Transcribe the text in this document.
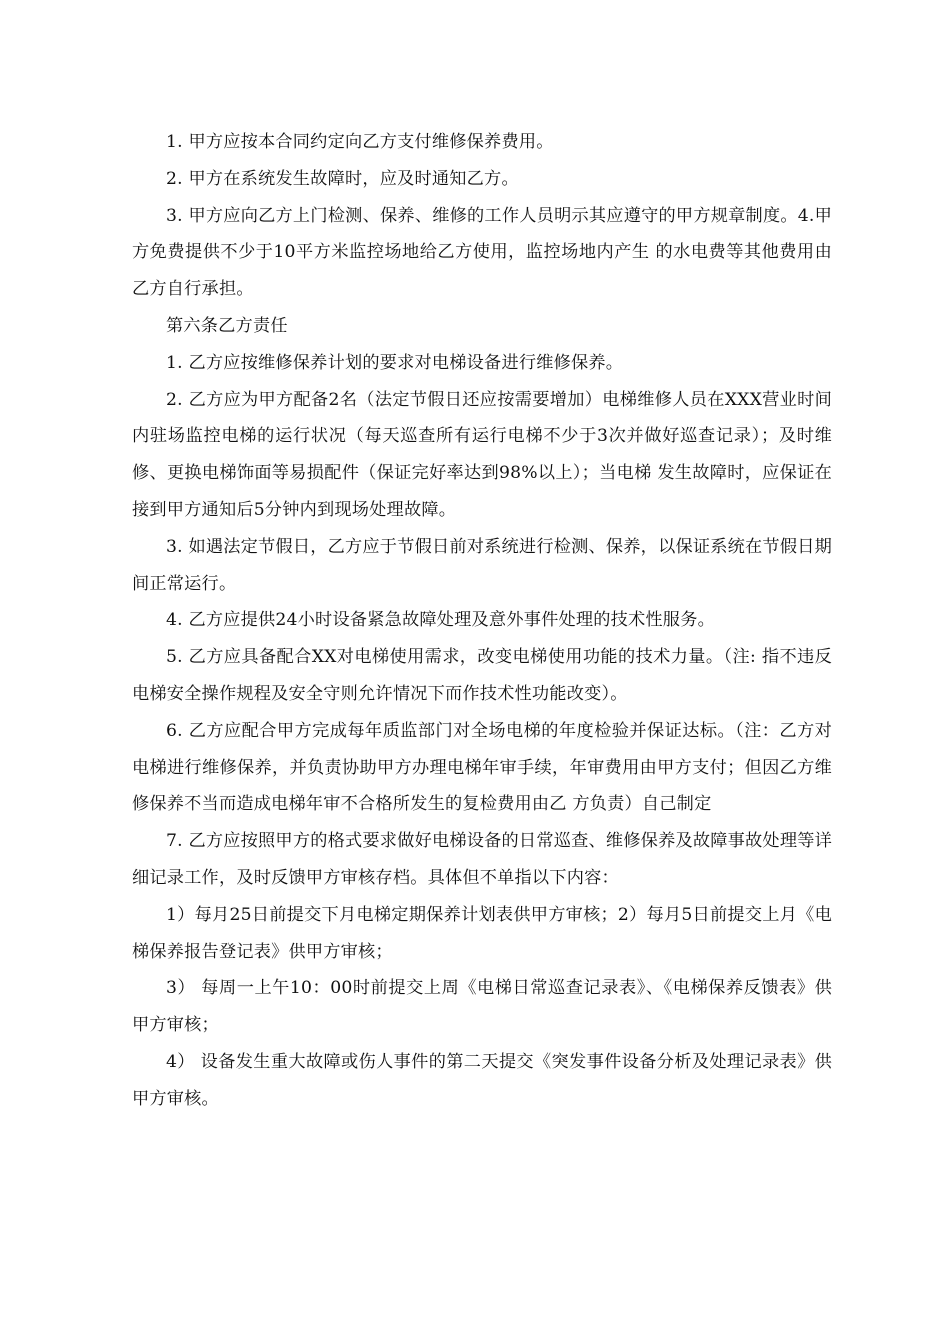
1. 甲方应按本合同约定向乙方支付维修保养费用。

2. 甲方在系统发生故障时，应及时通知乙方。

3. 甲方应向乙方上门检测、保养、维修的工作人员明示其应遵守的甲方规章制度。4.甲方免费提供不少于10平方米监控场地给乙方使用，监控场地内产生 的水电费等其他费用由乙方自行承担。

第六条乙方责任

1. 乙方应按维修保养计划的要求对电梯设备进行维修保养。

2. 乙方应为甲方配备2名（法定节假日还应按需要增加）电梯维修人员在XXX营业时间内驻场监控电梯的运行状况（每天巡查所有运行电梯不少于3次并做好巡查记录）；及时维修、更换电梯饰面等易损配件（保证完好率达到98%以上）；当电梯 发生故障时，应保证在接到甲方通知后5分钟内到现场处理故障。

3. 如遇法定节假日，乙方应于节假日前对系统进行检测、保养，以保证系统在节假日期间正常运行。

4. 乙方应提供24小时设备紧急故障处理及意外事件处理的技术性服务。

5. 乙方应具备配合XX对电梯使用需求，改变电梯使用功能的技术力量。（注: 指不违反电梯安全操作规程及安全守则允许情况下而作技术性功能改变）。

6. 乙方应配合甲方完成每年质监部门对全场电梯的年度检验并保证达标。（注：乙方对电梯进行维修保养，并负责协助甲方办理电梯年审手续，年审费用由甲方支付；但因乙方维修保养不当而造成电梯年审不合格所发生的复检费用由乙 方负责）自己制定

7. 乙方应按照甲方的格式要求做好电梯设备的日常巡查、维修保养及故障事故处理等详细记录工作，及时反馈甲方审核存档。具体但不单指以下内容：

1）每月25日前提交下月电梯定期保养计划表供甲方审核；2）每月5日前提交上月《电梯保养报告登记表》供甲方审核；

3） 每周一上午10：00时前提交上周《电梯日常巡查记录表》、《电梯保养反馈表》供甲方审核；

4） 设备发生重大故障或伤人事件的第二天提交《突发事件设备分析及处理记录表》供甲方审核。
